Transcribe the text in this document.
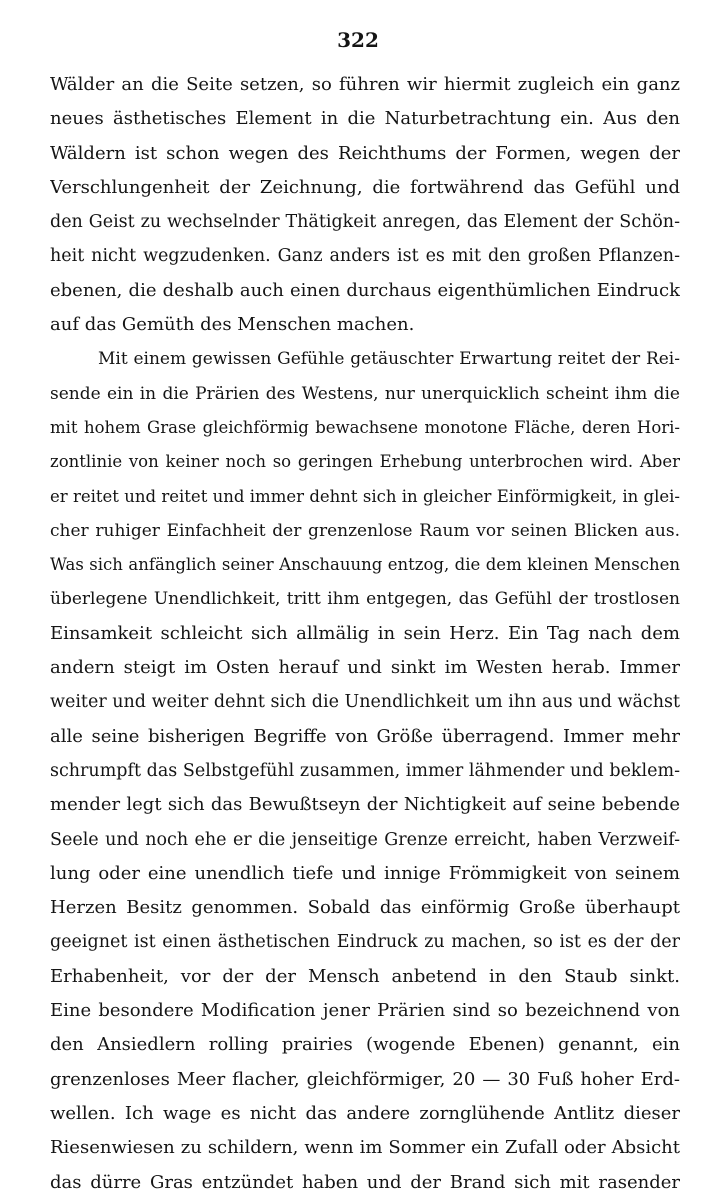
322
Wälder an die Seite setzen, so führen wir hiermit zugleich ein ganz
neues ästhetisches Element in die Naturbetrachtung ein. Aus den
Wäldern ist schon wegen des Reichthums der Formen, wegen der
Verschlungenheit der Zeichnung, die fortwährend das Gefühl und
den Geist zu wechselnder Thätigkeit anregen, das Element der Schön-
heit nicht wegzudenken. Ganz anders ist es mit den großen Pflanzen-
ebenen, die deshalb auch einen durchaus eigenthümlichen Eindruck
auf das Gemüth des Menschen machen.
Mit einem gewissen Gefühle getäuschter Erwartung reitet der Rei-
sende ein in die Prärien des Westens, nur unerquicklich scheint ihm die
mit hohem Grase gleichförmig bewachsene monotone Fläche, deren Hori-
zontlinie von keiner noch so geringen Erhebung unterbrochen wird. Aber
er reitet und reitet und immer dehnt sich in gleicher Einförmigkeit, in glei-
cher ruhiger Einfachheit der grenzenlose Raum vor seinen Blicken aus.
Was sich anfänglich seiner Anschauung entzog, die dem kleinen Menschen
überlegene Unendlichkeit, tritt ihm entgegen, das Gefühl der trostlosen
Einsamkeit schleicht sich allmälig in sein Herz. Ein Tag nach dem
andern steigt im Osten herauf und sinkt im Westen herab. Immer
weiter und weiter dehnt sich die Unendlichkeit um ihn aus und wächst
alle seine bisherigen Begriffe von Größe überragend. Immer mehr
schrumpft das Selbstgefühl zusammen, immer lähmender und beklem-
mender legt sich das Bewußtseyn der Nichtigkeit auf seine bebende
Seele und noch ehe er die jenseitige Grenze erreicht, haben Verzweif-
lung oder eine unendlich tiefe und innige Frömmigkeit von seinem
Herzen Besitz genommen. Sobald das einförmig Große überhaupt
geeignet ist einen ästhetischen Eindruck zu machen, so ist es der der
Erhabenheit, vor der der Mensch anbetend in den Staub sinkt.
Eine besondere Modification jener Prärien sind so bezeichnend von
den Ansiedlern rolling prairies (wogende Ebenen) genannt, ein
grenzenloses Meer flacher, gleichförmiger, 20 — 30 Fuß hoher Erd-
wellen. Ich wage es nicht das andere zornglühende Antlitz dieser
Riesenwiesen zu schildern, wenn im Sommer ein Zufall oder Absicht
das dürre Gras entzündet haben und der Brand sich mit rasender
